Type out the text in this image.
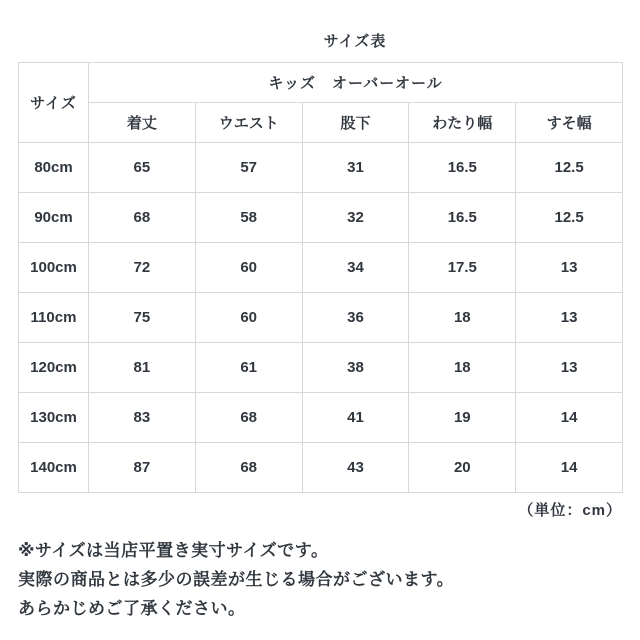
サイズ表
サイズ	キッズ　オーバーオール				
	着丈	ウエスト	股下	わたり幅	すそ幅
80cm	65	57	31	16.5	12.5
90cm	68	58	32	16.5	12.5
100cm	72	60	34	17.5	13
110cm	75	60	36	18	13
120cm	81	61	38	18	13
130cm	83	68	41	19	14
140cm	87	68	43	20	14
（単位：cm）
※サイズは当店平置き実寸サイズです。
実際の商品とは多少の誤差が生じる場合がございます。
あらかじめご了承ください。
